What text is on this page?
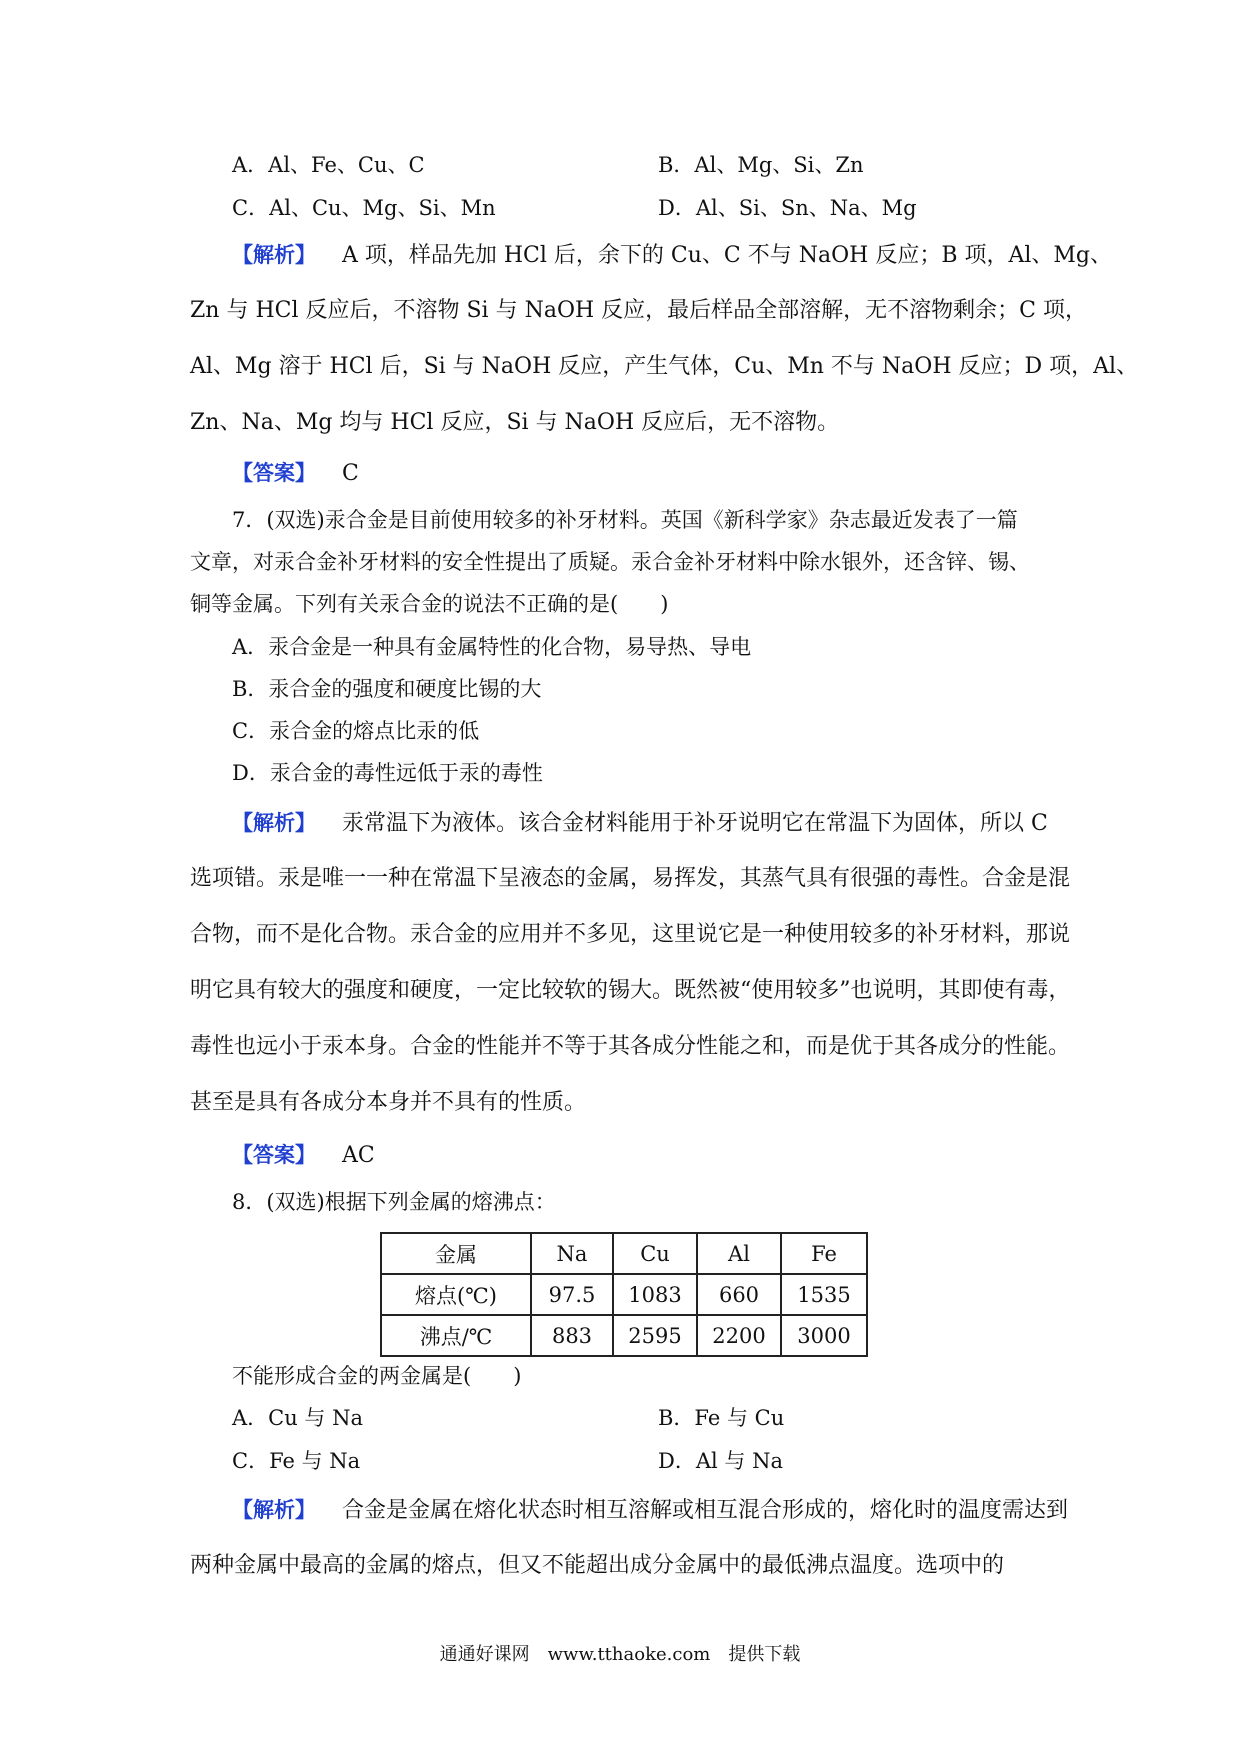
A．Al、Fe、Cu、C	B．Al、Mg、Si、Zn
C．Al、Cu、Mg、Si、Mn	D．Al、Si、Sn、Na、Mg
【解析】 A 项，样品先加 HCl 后，余下的 Cu、C 不与 NaOH 反应；B 项，Al、Mg、
Zn 与 HCl 反应后，不溶物 Si 与 NaOH 反应，最后样品全部溶解，无不溶物剩余；C 项，
Al、Mg 溶于 HCl 后，Si 与 NaOH 反应，产生气体，Cu、Mn 不与 NaOH 反应；D 项，Al、
Zn、Na、Mg 均与 HCl 反应，Si 与 NaOH 反应后，无不溶物。
【答案】 C
7．(双选)汞合金是目前使用较多的补牙材料。英国《新科学家》杂志最近发表了一篇
文章，对汞合金补牙材料的安全性提出了质疑。汞合金补牙材料中除水银外，还含锌、锡、
铜等金属。下列有关汞合金的说法不正确的是(　　)
A．汞合金是一种具有金属特性的化合物，易导热、导电
B．汞合金的强度和硬度比锡的大
C．汞合金的熔点比汞的低
D．汞合金的毒性远低于汞的毒性
【解析】 汞常温下为液体。该合金材料能用于补牙说明它在常温下为固体，所以 C
选项错。汞是唯一一种在常温下呈液态的金属，易挥发，其蒸气具有很强的毒性。合金是混
合物，而不是化合物。汞合金的应用并不多见，这里说它是一种使用较多的补牙材料，那说
明它具有较大的强度和硬度，一定比较软的锡大。既然被“使用较多”也说明，其即使有毒，
毒性也远小于汞本身。合金的性能并不等于其各成分性能之和，而是优于其各成分的性能。
甚至是具有各成分本身并不具有的性质。
【答案】 AC
8．(双选)根据下列金属的熔沸点：
金属	Na	Cu	Al	Fe
熔点(℃)	97.5	1083	660	1535
沸点/℃	883	2595	2200	3000
不能形成合金的两金属是(　　)
A．Cu 与 Na	B．Fe 与 Cu
C．Fe 与 Na	D．Al 与 Na
【解析】 合金是金属在熔化状态时相互溶解或相互混合形成的，熔化时的温度需达到
两种金属中最高的金属的熔点，但又不能超出成分金属中的最低沸点温度。选项中的
通通好课网　www.tthaoke.com　提供下载
